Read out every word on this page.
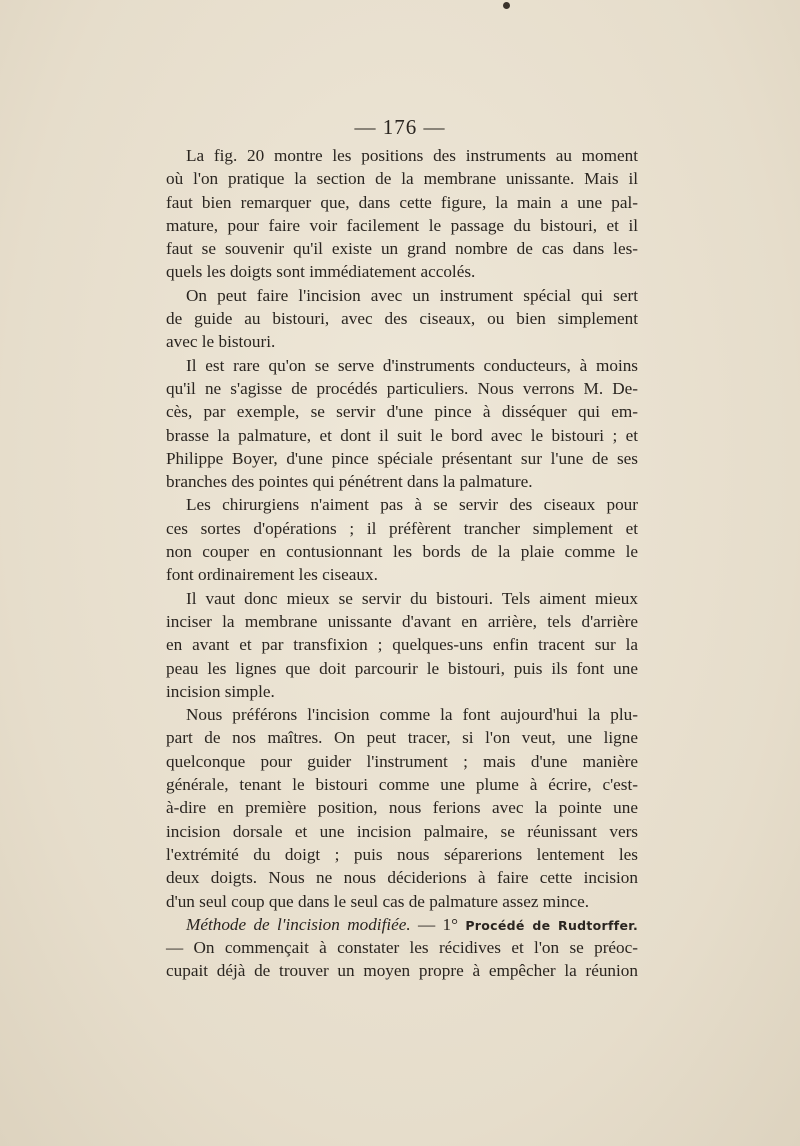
— 176 —
La fig. 20 montre les positions des instruments au moment
où l'on pratique la section de la membrane unissante. Mais il
faut bien remarquer que, dans cette figure, la main a une pal-
mature, pour faire voir facilement le passage du bistouri, et il
faut se souvenir qu'il existe un grand nombre de cas dans les-
quels les doigts sont immédiatement accolés.
On peut faire l'incision avec un instrument spécial qui sert
de guide au bistouri, avec des ciseaux, ou bien simplement
avec le bistouri.
Il est rare qu'on se serve d'instruments conducteurs, à moins
qu'il ne s'agisse de procédés particuliers. Nous verrons M. De-
cès, par exemple, se servir d'une pince à disséquer qui em-
brasse la palmature, et dont il suit le bord avec le bistouri ; et
Philippe Boyer, d'une pince spéciale présentant sur l'une de ses
branches des pointes qui pénétrent dans la palmature.
Les chirurgiens n'aiment pas à se servir des ciseaux pour
ces sortes d'opérations ; il préfèrent trancher simplement et
non couper en contusionnant les bords de la plaie comme le
font ordinairement les ciseaux.
Il vaut donc mieux se servir du bistouri. Tels aiment mieux
inciser la membrane unissante d'avant en arrière, tels d'arrière
en avant et par transfixion ; quelques-uns enfin tracent sur la
peau les lignes que doit parcourir le bistouri, puis ils font une
incision simple.
Nous préférons l'incision comme la font aujourd'hui la plu-
part de nos maîtres. On peut tracer, si l'on veut, une ligne
quelconque pour guider l'instrument ; mais d'une manière
générale, tenant le bistouri comme une plume à écrire, c'est-
à-dire en première position, nous ferions avec la pointe une
incision dorsale et une incision palmaire, se réunissant vers
l'extrémité du doigt ; puis nous séparerions lentement les
deux doigts. Nous ne nous déciderions à faire cette incision
d'un seul coup que dans le seul cas de palmature assez mince.
Méthode de l'incision modifiée. — 1° Procédé de Rudtorffer.
— On commençait à constater les récidives et l'on se préoc-
cupait déjà de trouver un moyen propre à empêcher la réunion
